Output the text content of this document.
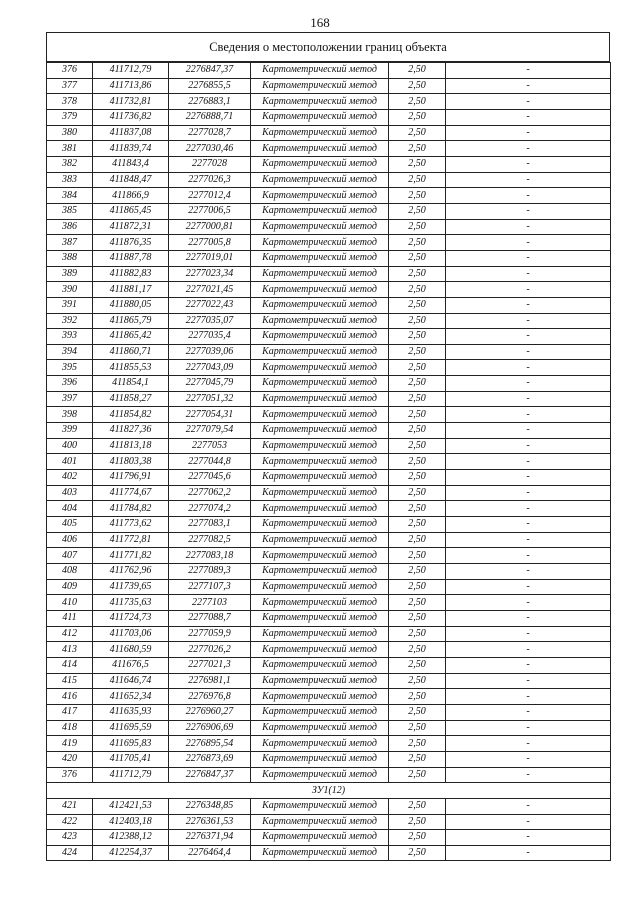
168
Сведения о местоположении границ объекта
376	411712,79	2276847,37	Картометрический метод	2,50	-
377	411713,86	2276855,5	Картометрический метод	2,50	-
378	411732,81	2276883,1	Картометрический метод	2,50	-
379	411736,82	2276888,71	Картометрический метод	2,50	-
380	411837,08	2277028,7	Картометрический метод	2,50	-
381	411839,74	2277030,46	Картометрический метод	2,50	-
382	411843,4	2277028	Картометрический метод	2,50	-
383	411848,47	2277026,3	Картометрический метод	2,50	-
384	411866,9	2277012,4	Картометрический метод	2,50	-
385	411865,45	2277006,5	Картометрический метод	2,50	-
386	411872,31	2277000,81	Картометрический метод	2,50	-
387	411876,35	2277005,8	Картометрический метод	2,50	-
388	411887,78	2277019,01	Картометрический метод	2,50	-
389	411882,83	2277023,34	Картометрический метод	2,50	-
390	411881,17	2277021,45	Картометрический метод	2,50	-
391	411880,05	2277022,43	Картометрический метод	2,50	-
392	411865,79	2277035,07	Картометрический метод	2,50	-
393	411865,42	2277035,4	Картометрический метод	2,50	-
394	411860,71	2277039,06	Картометрический метод	2,50	-
395	411855,53	2277043,09	Картометрический метод	2,50	-
396	411854,1	2277045,79	Картометрический метод	2,50	-
397	411858,27	2277051,32	Картометрический метод	2,50	-
398	411854,82	2277054,31	Картометрический метод	2,50	-
399	411827,36	2277079,54	Картометрический метод	2,50	-
400	411813,18	2277053	Картометрический метод	2,50	-
401	411803,38	2277044,8	Картометрический метод	2,50	-
402	411796,91	2277045,6	Картометрический метод	2,50	-
403	411774,67	2277062,2	Картометрический метод	2,50	-
404	411784,82	2277074,2	Картометрический метод	2,50	-
405	411773,62	2277083,1	Картометрический метод	2,50	-
406	411772,81	2277082,5	Картометрический метод	2,50	-
407	411771,82	2277083,18	Картометрический метод	2,50	-
408	411762,96	2277089,3	Картометрический метод	2,50	-
409	411739,65	2277107,3	Картометрический метод	2,50	-
410	411735,63	2277103	Картометрический метод	2,50	-
411	411724,73	2277088,7	Картометрический метод	2,50	-
412	411703,06	2277059,9	Картометрический метод	2,50	-
413	411680,59	2277026,2	Картометрический метод	2,50	-
414	411676,5	2277021,3	Картометрический метод	2,50	-
415	411646,74	2276981,1	Картометрический метод	2,50	-
416	411652,34	2276976,8	Картометрический метод	2,50	-
417	411635,93	2276960,27	Картометрический метод	2,50	-
418	411695,59	2276906,69	Картометрический метод	2,50	-
419	411695,83	2276895,54	Картометрический метод	2,50	-
420	411705,41	2276873,69	Картометрический метод	2,50	-
376	411712,79	2276847,37	Картометрический метод	2,50	-
ЗУ1(12)					
421	412421,53	2276348,85	Картометрический метод	2,50	-
422	412403,18	2276361,53	Картометрический метод	2,50	-
423	412388,12	2276371,94	Картометрический метод	2,50	-
424	412254,37	2276464,4	Картометрический метод	2,50	-
